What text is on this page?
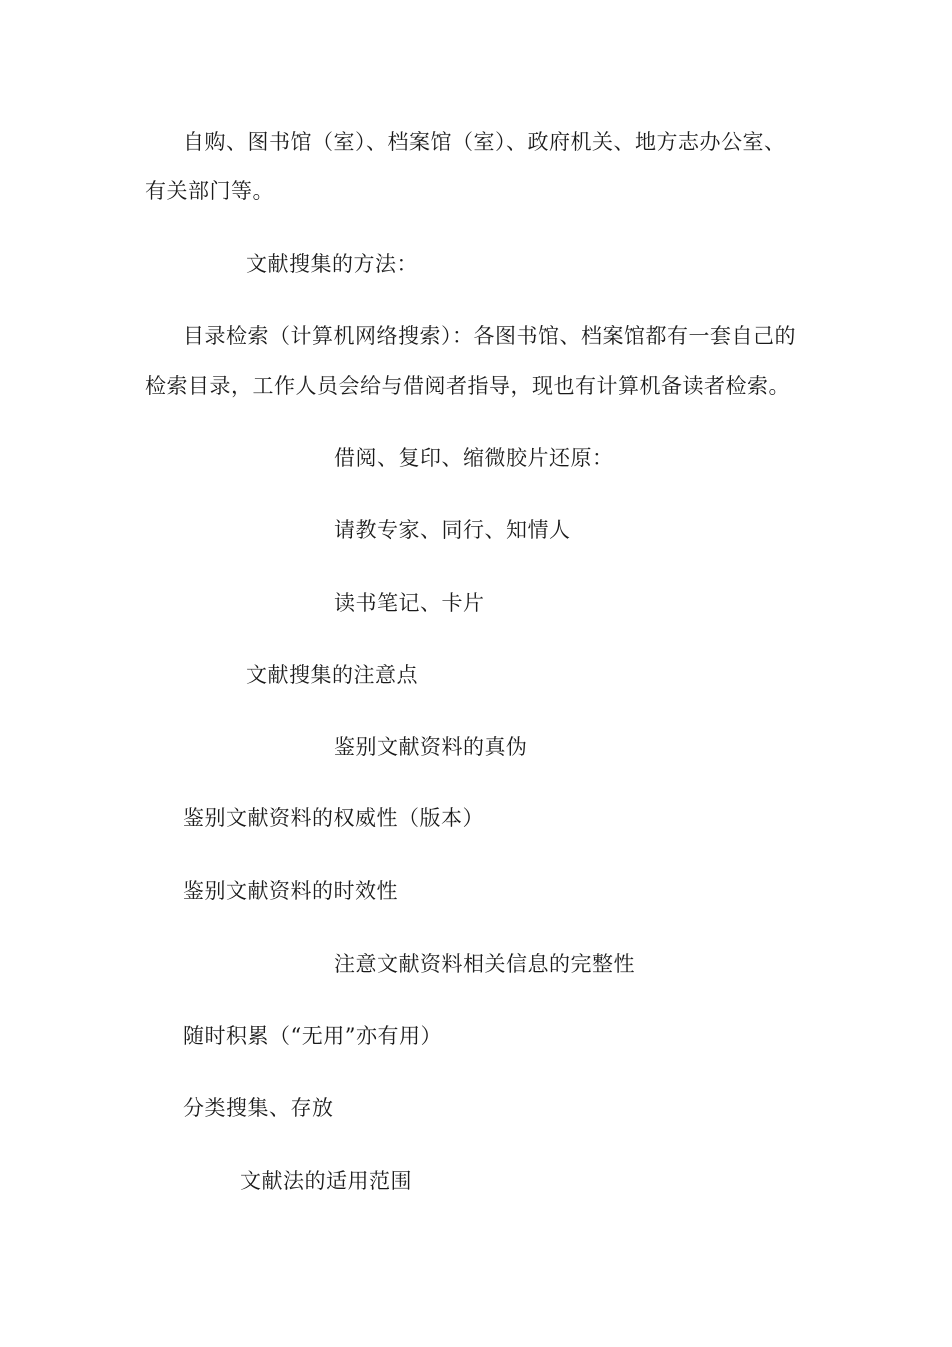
自购、图书馆（室）、档案馆（室）、政府机关、地方志办公室、
有关部门等。
文献搜集的方法：
目录检索（计算机网络搜索）：各图书馆、档案馆都有一套自己的
检索目录，工作人员会给与借阅者指导，现也有计算机备读者检索。
借阅、复印、缩微胶片还原：
请教专家、同行、知情人
读书笔记、卡片
文献搜集的注意点
鉴别文献资料的真伪
鉴别文献资料的权威性（版本）
鉴别文献资料的时效性
注意文献资料相关信息的完整性
随时积累（“无用”亦有用）
分类搜集、存放
文献法的适用范围
